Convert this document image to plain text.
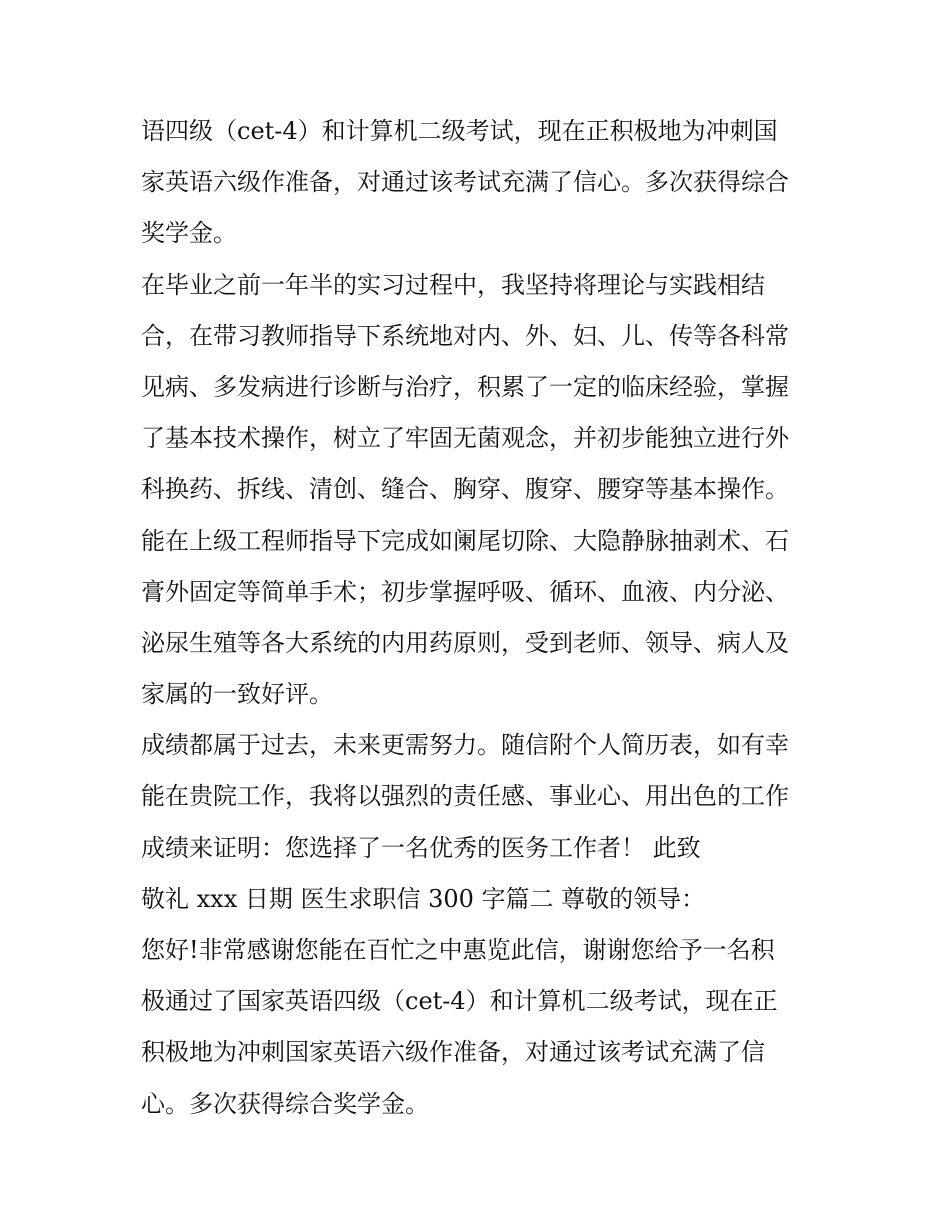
语四级（cet-4）和计算机二级考试，现在正积极地为冲刺国
家英语六级作准备，对通过该考试充满了信心。多次获得综合
奖学金。
在毕业之前一年半的实习过程中，我坚持将理论与实践相结
合，在带习教师指导下系统地对内、外、妇、儿、传等各科常
见病、多发病进行诊断与治疗，积累了一定的临床经验，掌握
了基本技术操作，树立了牢固无菌观念，并初步能独立进行外
科换药、拆线、清创、缝合、胸穿、腹穿、腰穿等基本操作。
能在上级工程师指导下完成如阑尾切除、大隐静脉抽剥术、石
膏外固定等简单手术；初步掌握呼吸、循环、血液、内分泌、
泌尿生殖等各大系统的内用药原则，受到老师、领导、病人及
家属的一致好评。
成绩都属于过去，未来更需努力。随信附个人简历表，如有幸
能在贵院工作，我将以强烈的责任感、事业心、用出色的工作
成绩来证明：您选择了一名优秀的医务工作者！ 此致
敬礼 xxx 日期 医生求职信 300 字篇二 尊敬的领导：
您好!非常感谢您能在百忙之中惠览此信，谢谢您给予一名积
极通过了国家英语四级（cet-4）和计算机二级考试，现在正
积极地为冲刺国家英语六级作准备，对通过该考试充满了信
心。多次获得综合奖学金。
